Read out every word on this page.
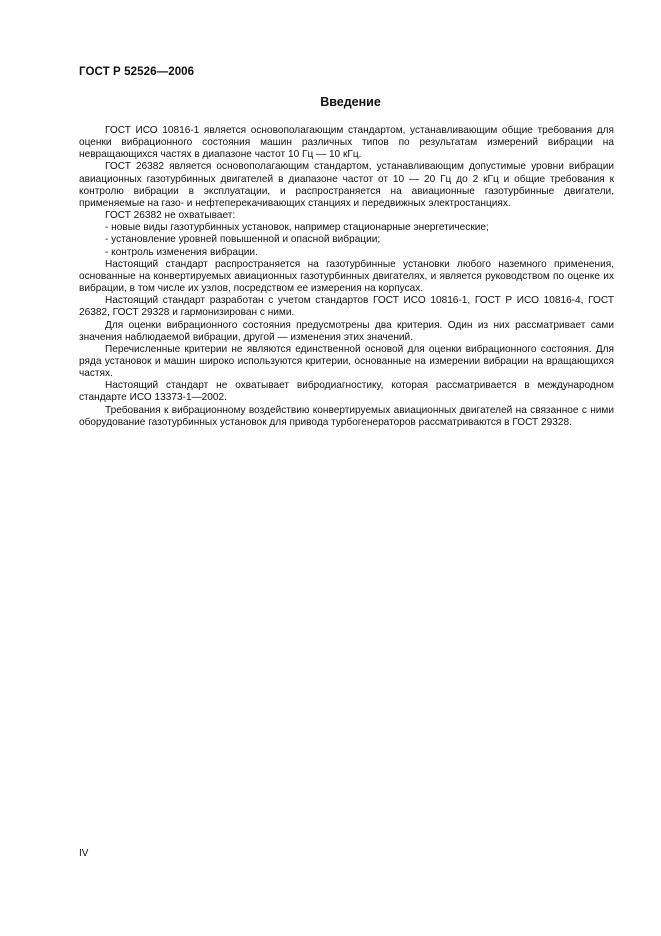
ГОСТ Р 52526—2006
Введение

ГОСТ ИСО 10816-1 является основополагающим стандартом, устанавливающим общие требования для оценки вибрационного состояния машин различных типов по результатам измерений вибрации на невращающихся частях в диапазоне частот 10 Гц — 10 кГц.

ГОСТ 26382 является основополагающим стандартом, устанавливающим допустимые уровни вибрации авиационных газотурбинных двигателей в диапазоне частот от 10 — 20 Гц до 2 кГц и общие требования к контролю вибрации в эксплуатации, и распространяется на авиационные газотурбинные двигатели, применяемые на газо- и нефтеперекачивающих станциях и передвижных электростанциях.

ГОСТ 26382 не охватывает:

- новые виды газотурбинных установок, например стационарные энергетические;

- установление уровней повышенной и опасной вибрации;

- контроль изменения вибрации.

Настоящий стандарт распространяется на газотурбинные установки любого наземного применения, основанные на конвертируемых авиационных газотурбинных двигателях, и является руководством по оценке их вибрации, в том числе их узлов, посредством ее измерения на корпусах.

Настоящий стандарт разработан с учетом стандартов ГОСТ ИСО 10816-1, ГОСТ Р ИСО 10816-4, ГОСТ 26382, ГОСТ 29328 и гармонизирован с ними.

Для оценки вибрационного состояния предусмотрены два критерия. Один из них рассматривает сами значения наблюдаемой вибрации, другой — изменения этих значений.

Перечисленные критерии не являются единственной основой для оценки вибрационного состояния. Для ряда установок и машин широко используются критерии, основанные на измерении вибрации на вращающихся частях.

Настоящий стандарт не охватывает вибродиагностику, которая рассматривается в международном стандарте ИСО 13373-1—2002.

Требования к вибрационному воздействию конвертируемых авиационных двигателей на связанное с ними оборудование газотурбинных установок для привода турбогенераторов рассматриваются в ГОСТ 29328.

IV
